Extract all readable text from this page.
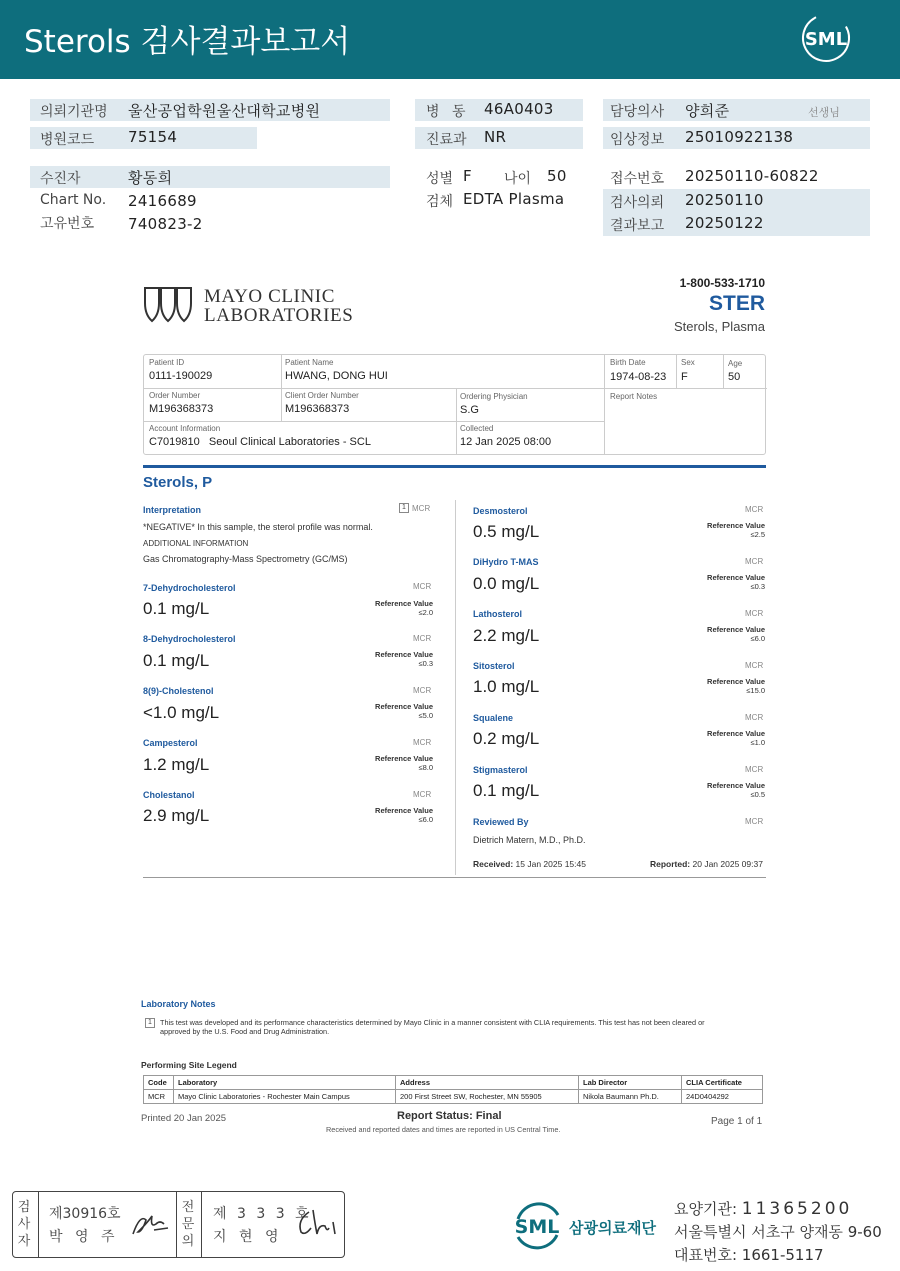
Sterols 검사결과보고서	SML
의뢰기관명 울산공업학원울산대학교병원
병원코드 75154
병 동 46A0403
진료과 NR
담당의사 양희준	선생님
임상정보 25010922138
수진자	황동희
Chart No. 2416689
고유번호 740823-2
성별 F 나이 50
검체 EDTA Plasma
접수번호 20250110-60822
검사의뢰 20250110
결과보고 20250122
MAYO CLINIC
LABORATORIES
1-800-533-1710
STER
Sterols, Plasma
Patient ID
0111-190029
Patient Name
HWANG, DONG HUI
Birth Date
1974-08-23
Sex
F
Age
50
Order Number
M196368373
Client Order Number
M196368373
Ordering Physician
S.G
Report Notes
Account Information
C7019810   Seoul Clinical Laboratories - SCL
Collected
12 Jan 2025 08:00
Sterols, P
Interpretation	1 MCR
*NEGATIVE* In this sample, the sterol profile was normal.
ADDITIONAL INFORMATION
Gas Chromatography-Mass Spectrometry (GC/MS)
7-Dehydrocholesterol	MCR
0.1 mg/L	Reference Value
≤2.0
8-Dehydrocholesterol	MCR
0.1 mg/L	Reference Value
≤0.3
8(9)-Cholestenol	MCR
<1.0 mg/L	Reference Value
≤5.0
Campesterol	MCR
1.2 mg/L	Reference Value
≤8.0
Cholestanol	MCR
2.9 mg/L	Reference Value
≤6.0
Desmosterol	MCR
0.5 mg/L	Reference Value
≤2.5
DiHydro T-MAS	MCR
0.0 mg/L	Reference Value
≤0.3
Lathosterol	MCR
2.2 mg/L	Reference Value
≤6.0
Sitosterol	MCR
1.0 mg/L	Reference Value
≤15.0
Squalene	MCR
0.2 mg/L	Reference Value
≤1.0
Stigmasterol	MCR
0.1 mg/L	Reference Value
≤0.5
Reviewed By	MCR
Dietrich Matern, M.D., Ph.D.
Received: 15 Jan 2025 15:45	Reported: 20 Jan 2025 09:37
Laboratory Notes
1	This test was developed and its performance characteristics determined by Mayo Clinic in a manner consistent with CLIA requirements. This test has not been cleared or
approved by the U.S. Food and Drug Administration.
Performing Site Legend
Code	Laboratory	Address	Lab Director	CLIA Certificate
MCR	Mayo Clinic Laboratories - Rochester Main Campus	200 First Street SW, Rochester, MN 55905	Nikola Baumann Ph.D.	24D0404292
Printed 20 Jan 2025	Report Status: Final
Received and reported dates and times are reported in US Central Time.
Page 1 of 1
검사자
제30916호
박 영 주
전문의
제 3 3 3 호
지 현 영	SML 삼광의료재단
요양기관: 11365200
서울특별시 서초구 양재동 9-60
대표번호: 1661-5117
